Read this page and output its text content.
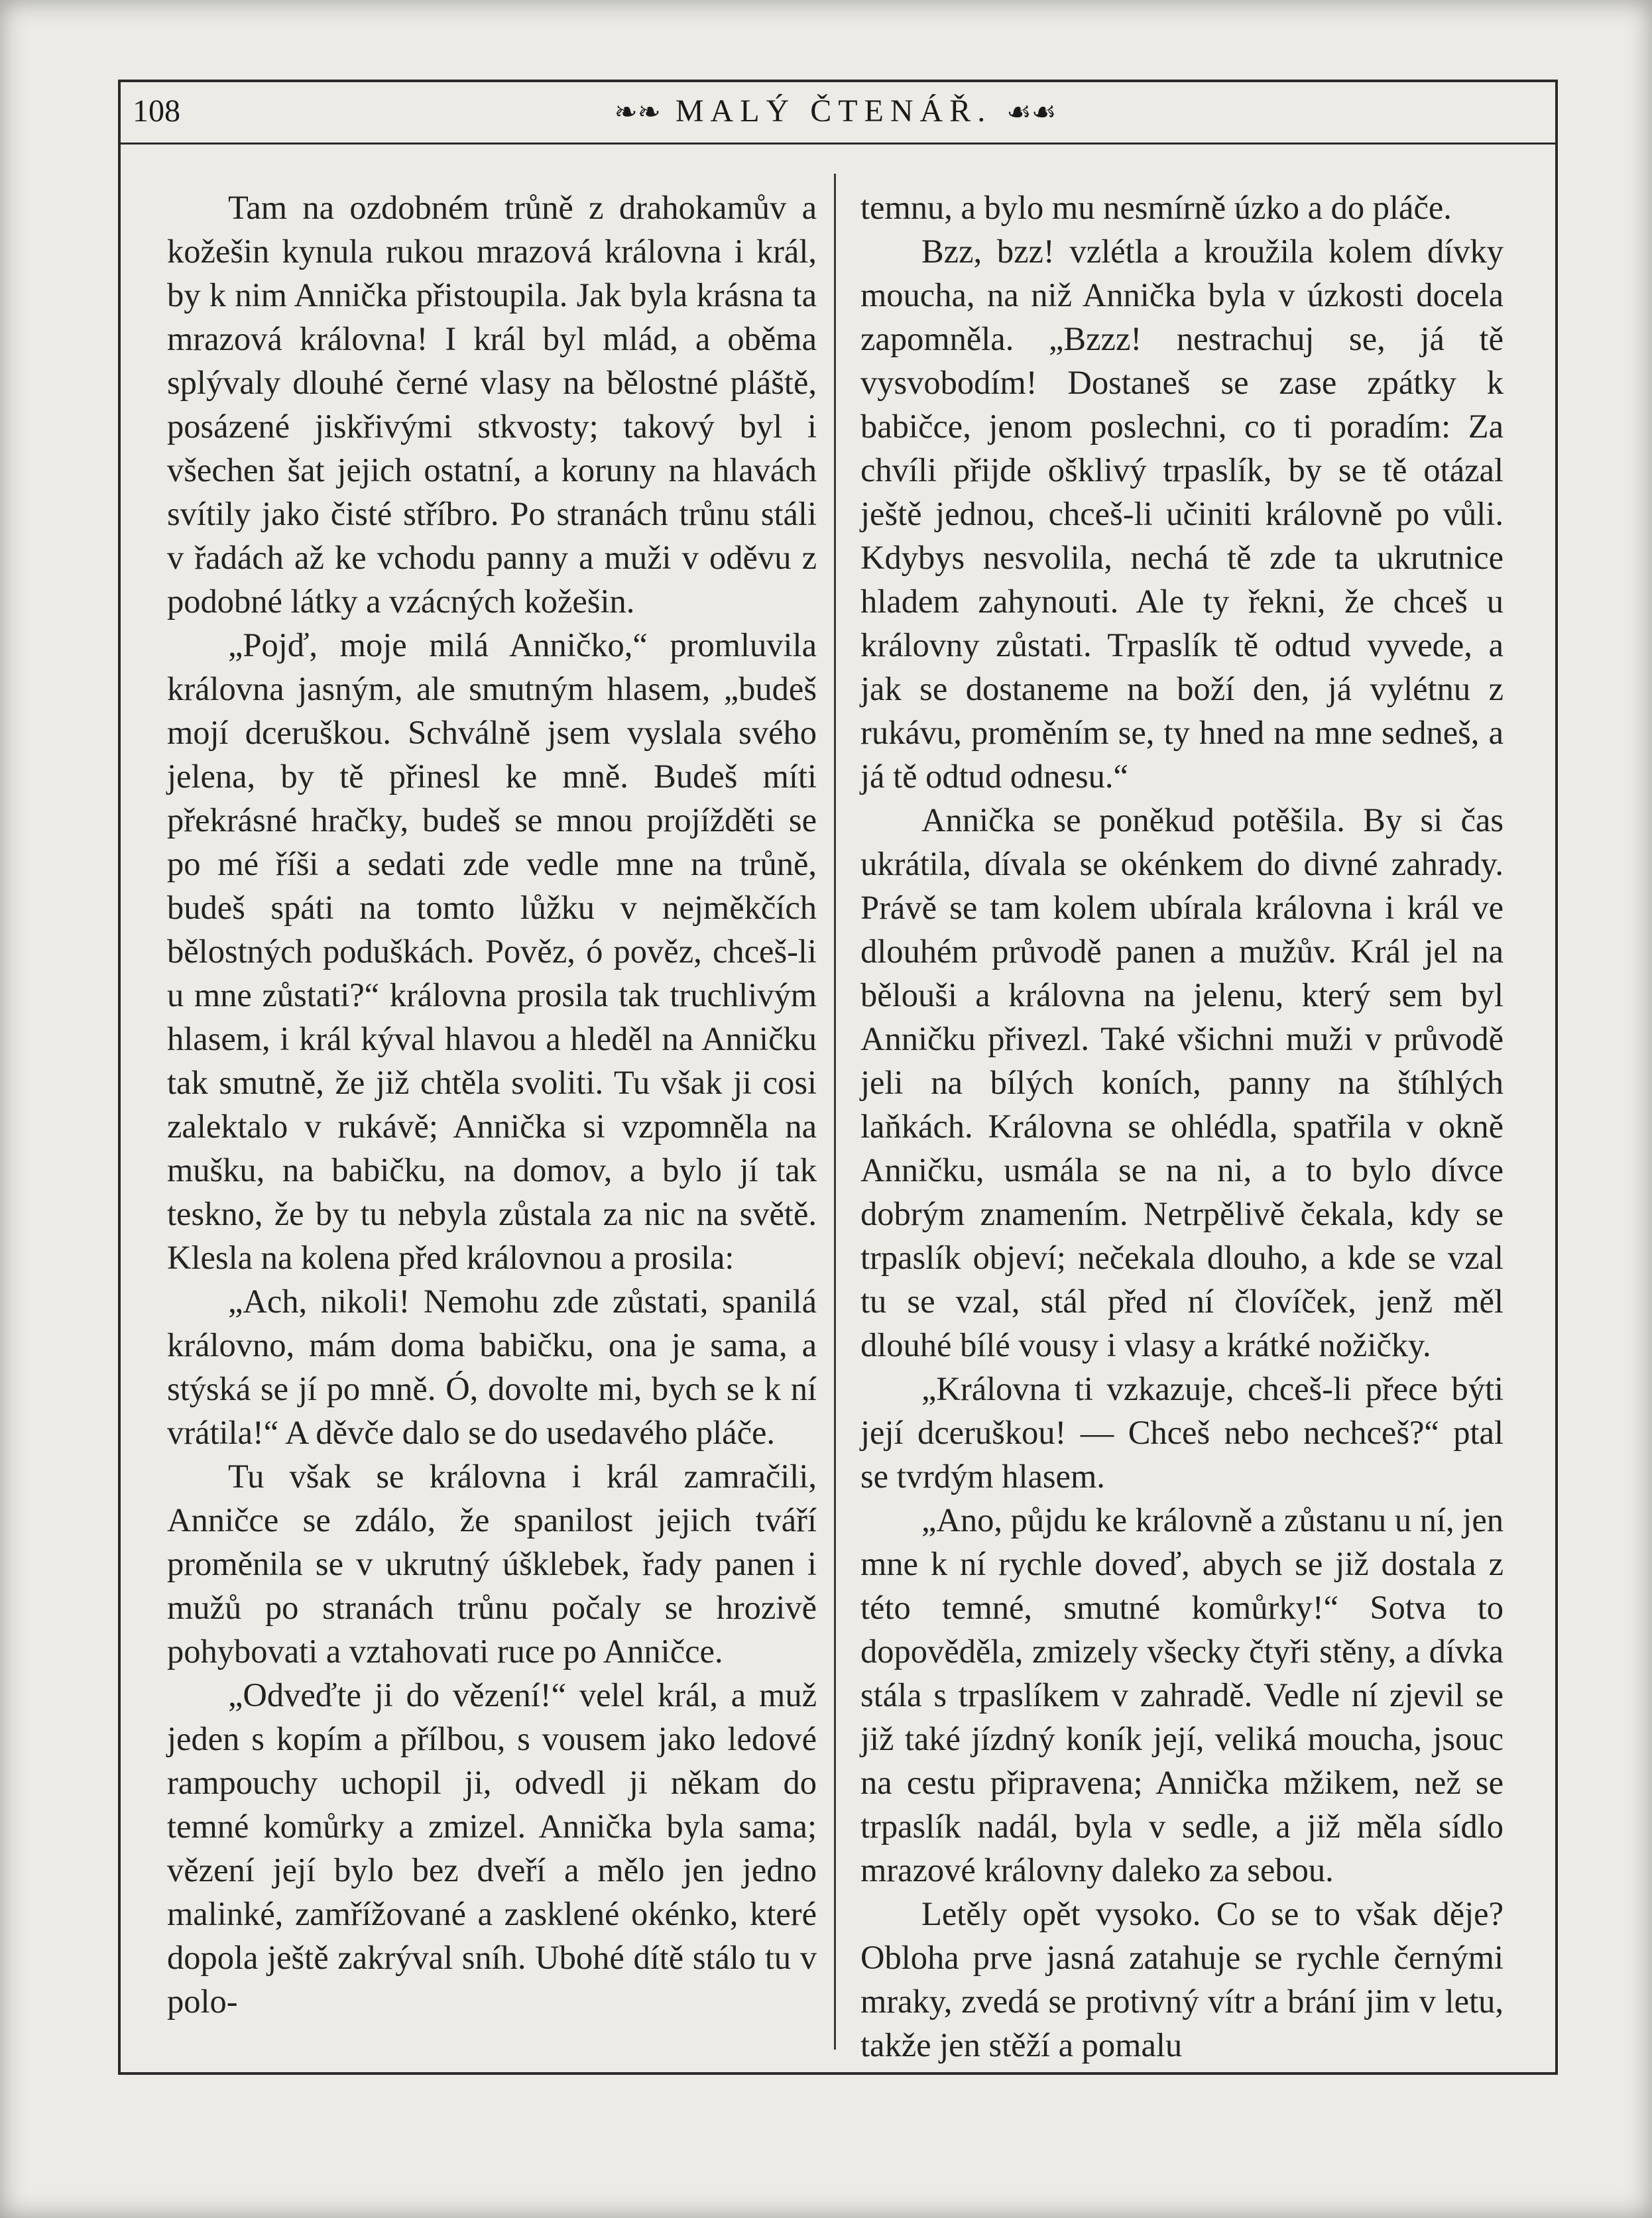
108	❧❧ MALÝ ČTENÁŘ. ☙☙

Tam na ozdobném trůně z drahokamův a kožešin kynula rukou mrazová královna i král, by k nim Annička přistoupila. Jak byla krásna ta mrazová královna! I král byl mlád, a oběma splývaly dlouhé černé vlasy na bělostné pláště, posázené jiskřivými stkvosty; takový byl i všechen šat jejich ostatní, a koruny na hlavách svítily jako čisté stříbro. Po stranách trůnu stáli v řadách až ke vchodu panny a muži v oděvu z podobné látky a vzácných kožešin.

„Pojď, moje milá Anničko,“ promluvila královna jasným, ale smutným hlasem, „budeš mojí dceruškou. Schválně jsem vyslala svého jelena, by tě přinesl ke mně. Budeš míti překrásné hračky, budeš se mnou projížděti se po mé říši a sedati zde vedle mne na trůně, budeš spáti na tomto lůžku v nejměkčích bělostných poduškách. Pověz, ó pověz, chceš-li u mne zůstati?“ královna prosila tak truchlivým hlasem, i král kýval hlavou a hleděl na Anničku tak smutně, že již chtěla svoliti. Tu však ji cosi zalektalo v rukávě; Annička si vzpomněla na mušku, na babičku, na domov, a bylo jí tak teskno, že by tu nebyla zůstala za nic na světě. Klesla na kolena před královnou a prosila:

„Ach, nikoli! Nemohu zde zůstati, spanilá královno, mám doma babičku, ona je sama, a stýská se jí po mně. Ó, dovolte mi, bych se k ní vrátila!“ A děvče dalo se do usedavého pláče.

Tu však se královna i král zamračili, Anničce se zdálo, že spanilost jejich tváří proměnila se v ukrutný úšklebek, řady panen i mužů po stranách trůnu počaly se hrozivě pohybovati a vztahovati ruce po Anničce.

„Odveďte ji do vězení!“ velel král, a muž jeden s kopím a přílbou, s vousem jako ledové rampouchy uchopil ji, odvedl ji někam do temné komůrky a zmizel. Annička byla sama; vězení její bylo bez dveří a mělo jen jedno malinké, zamřížované a zasklené okénko, které dopola ještě zakrýval sníh. Ubohé dítě stálo tu v polo-

temnu, a bylo mu nesmírně úzko a do pláče.

Bzz, bzz! vzlétla a kroužila kolem dívky moucha, na niž Annička byla v úzkosti docela zapomněla. „Bzzz! nestrachuj se, já tě vysvobodím! Dostaneš se zase zpátky k babičce, jenom poslechni, co ti poradím: Za chvíli přijde ošklivý trpaslík, by se tě otázal ještě jednou, chceš-li učiniti královně po vůli. Kdybys nesvolila, nechá tě zde ta ukrutnice hladem zahynouti. Ale ty řekni, že chceš u královny zůstati. Trpaslík tě odtud vyvede, a jak se dostaneme na boží den, já vylétnu z rukávu, proměním se, ty hned na mne sedneš, a já tě odtud odnesu.“

Annička se poněkud potěšila. By si čas ukrátila, dívala se okénkem do divné zahrady. Právě se tam kolem ubírala královna i král ve dlouhém průvodě panen a mužův. Král jel na bělouši a královna na jelenu, který sem byl Anničku přivezl. Také všichni muži v průvodě jeli na bílých koních, panny na štíhlých laňkách. Královna se ohlédla, spatřila v okně Anničku, usmála se na ni, a to bylo dívce dobrým znamením. Netrpělivě čekala, kdy se trpaslík objeví; nečekala dlouho, a kde se vzal tu se vzal, stál před ní človíček, jenž měl dlouhé bílé vousy i vlasy a krátké nožičky.

„Královna ti vzkazuje, chceš-li přece býti její dceruškou! — Chceš nebo nechceš?“ ptal se tvrdým hlasem.

„Ano, půjdu ke královně a zůstanu u ní, jen mne k ní rychle doveď, abych se již dostala z této temné, smutné komůrky!“ Sotva to dopověděla, zmizely všecky čtyři stěny, a dívka stála s trpaslíkem v zahradě. Vedle ní zjevil se již také jízdný koník její, veliká moucha, jsouc na cestu připravena; Annička mžikem, než se trpaslík nadál, byla v sedle, a již měla sídlo mrazové královny daleko za sebou.

Letěly opět vysoko. Co se to však děje? Obloha prve jasná zatahuje se rychle černými mraky, zvedá se protivný vítr a brání jim v letu, takže jen stěží a pomalu
